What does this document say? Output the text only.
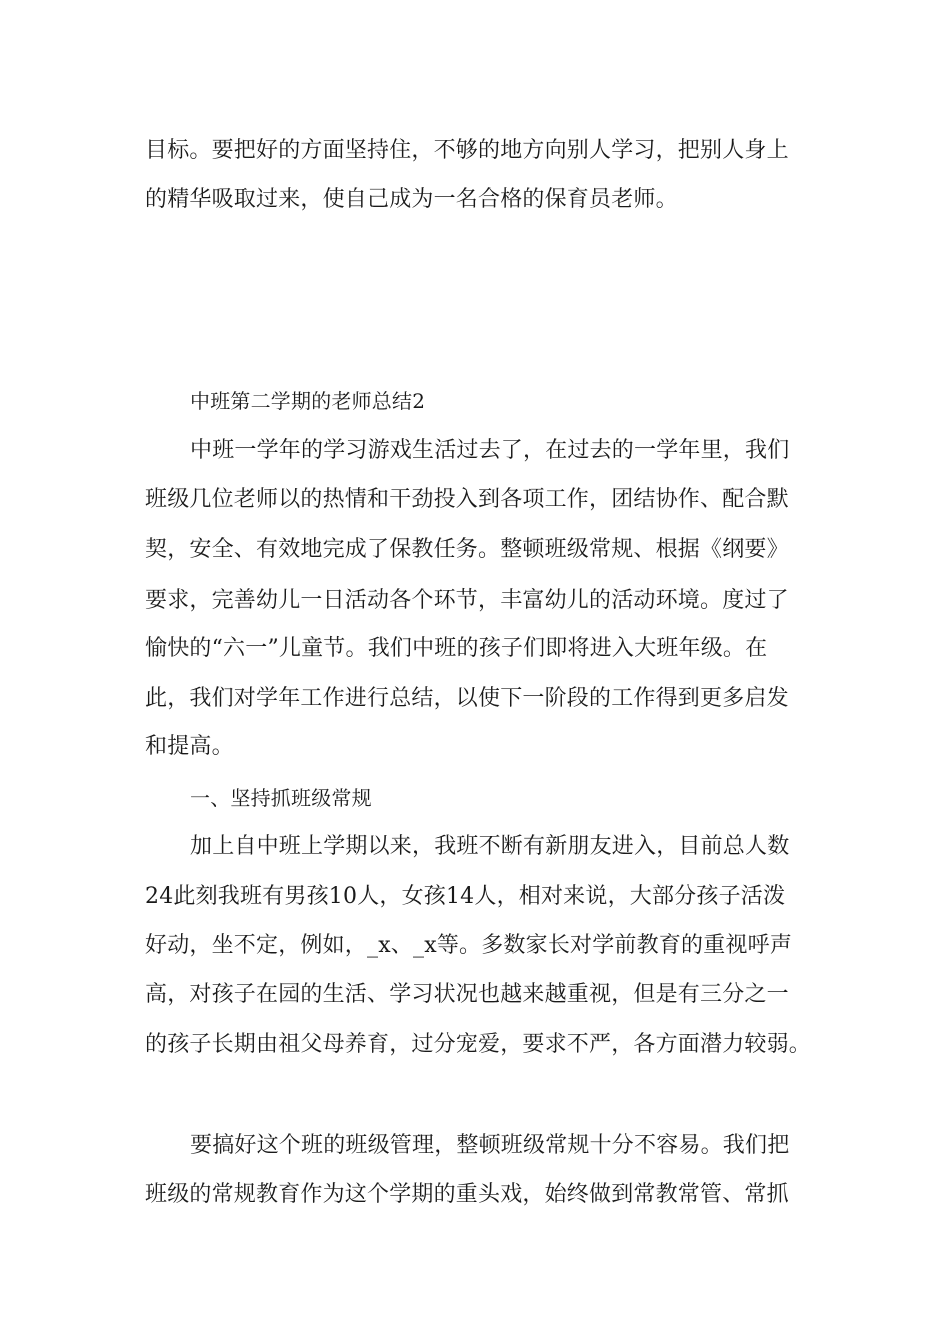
目标。要把好的方面坚持住，不够的地方向别人学习，把别人身上
的精华吸取过来，使自己成为一名合格的保育员老师。
中班第二学期的老师总结2
中班一学年的学习游戏生活过去了，在过去的一学年里，我们
班级几位老师以的热情和干劲投入到各项工作，团结协作、配合默
契，安全、有效地完成了保教任务。整顿班级常规、根据《纲要》
要求，完善幼儿一日活动各个环节，丰富幼儿的活动环境。度过了
愉快的“六一”儿童节。我们中班的孩子们即将进入大班年级。在
此，我们对学年工作进行总结，以使下一阶段的工作得到更多启发
和提高。
一、坚持抓班级常规
加上自中班上学期以来，我班不断有新朋友进入，目前总人数
24此刻我班有男孩10人，女孩14人，相对来说，大部分孩子活泼
好动，坐不定，例如，_x、_x等。多数家长对学前教育的重视呼声
高，对孩子在园的生活、学习状况也越来越重视，但是有三分之一
的孩子长期由祖父母养育，过分宠爱，要求不严，各方面潜力较弱。
要搞好这个班的班级管理，整顿班级常规十分不容易。我们把
班级的常规教育作为这个学期的重头戏，始终做到常教常管、常抓
